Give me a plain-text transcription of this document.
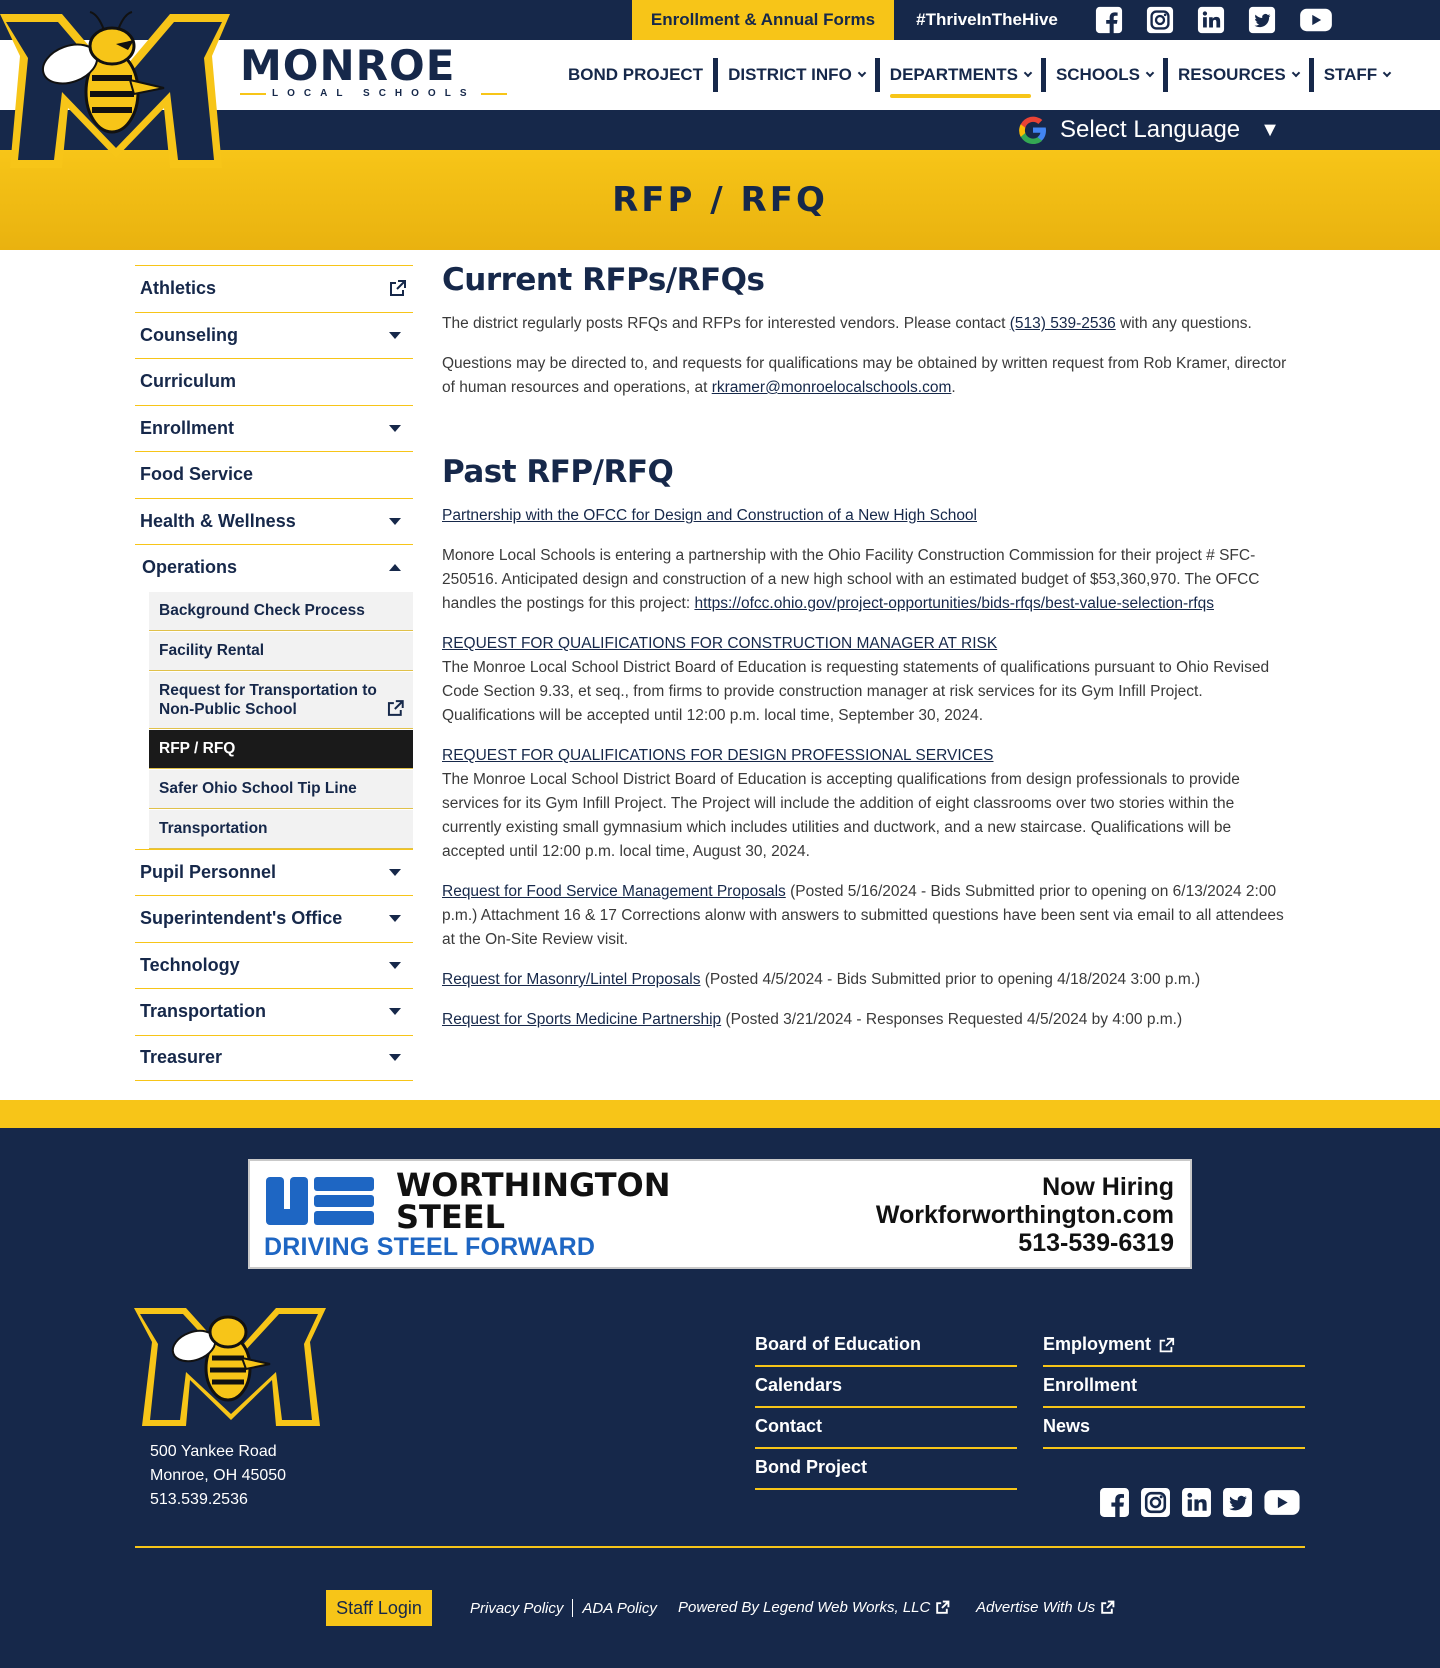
Enrollment & Annual Forms	#ThriveInTheHive
MONROE
LOCAL SCHOOLS
BOND PROJECT DISTRICT INFO DEPARTMENTS SCHOOLS RESOURCES STAFF
Select Language ▼
RFP / RFQ
Athletics
Counseling
Curriculum
Enrollment
Food Service
Health & Wellness
Operations
Background Check Process
Facility Rental
Request for Transportation to Non-Public School
RFP / RFQ
Safer Ohio School Tip Line
Transportation
Pupil Personnel
Superintendent's Office
Technology
Transportation
Treasurer
Current RFPs/RFQs

The district regularly posts RFQs and RFPs for interested vendors. Please contact (513) 539-2536 with any questions.

Questions may be directed to, and requests for qualifications may be obtained by written request from Rob Kramer, director of human resources and operations, at rkramer@monroelocalschools.com.

Past RFP/RFQ

Partnership with the OFCC for Design and Construction of a New High School

Monore Local Schools is entering a partnership with the Ohio Facility Construction Commission for their project # SFC-250516. Anticipated design and construction of a new high school with an estimated budget of $53,360,970. The OFCC handles the postings for this project: https://ofcc.ohio.gov/project-opportunities/bids-rfqs/best-value-selection-rfqs

REQUEST FOR QUALIFICATIONS FOR CONSTRUCTION MANAGER AT RISK
The Monroe Local School District Board of Education is requesting statements of qualifications pursuant to Ohio Revised Code Section 9.33, et seq., from firms to provide construction manager at risk services for its Gym Infill Project. Qualifications will be accepted until 12:00 p.m. local time, September 30, 2024.

REQUEST FOR QUALIFICATIONS FOR DESIGN PROFESSIONAL SERVICES
The Monroe Local School District Board of Education is accepting qualifications from design professionals to provide services for its Gym Infill Project. The Project will include the addition of eight classrooms over two stories within the currently existing small gymnasium which includes utilities and ductwork, and a new staircase. Qualifications will be accepted until 12:00 p.m. local time, August 30, 2024.

Request for Food Service Management Proposals (Posted 5/16/2024 - Bids Submitted prior to opening on 6/13/2024 2:00 p.m.) Attachment 16 & 17 Corrections alonw with answers to submitted questions have been sent via email to all attendees at the On-Site Review visit.

Request for Masonry/Lintel Proposals (Posted 4/5/2024 - Bids Submitted prior to opening 4/18/2024 3:00 p.m.)

Request for Sports Medicine Partnership (Posted 3/21/2024 - Responses Requested 4/5/2024 by 4:00 p.m.)

WORTHINGTON
STEEL
DRIVING STEEL FORWARD
Now Hiring
Workforworthington.com
513-539-6319
500 Yankee Road
Monroe, OH 45050
513.539.2536
Board of Education	Employment
Calendars	Enrollment
Contact	News
Bond Project
Staff Login	Privacy Policy ADA Policy Powered By Legend Web Works, LLC	Advertise With Us
